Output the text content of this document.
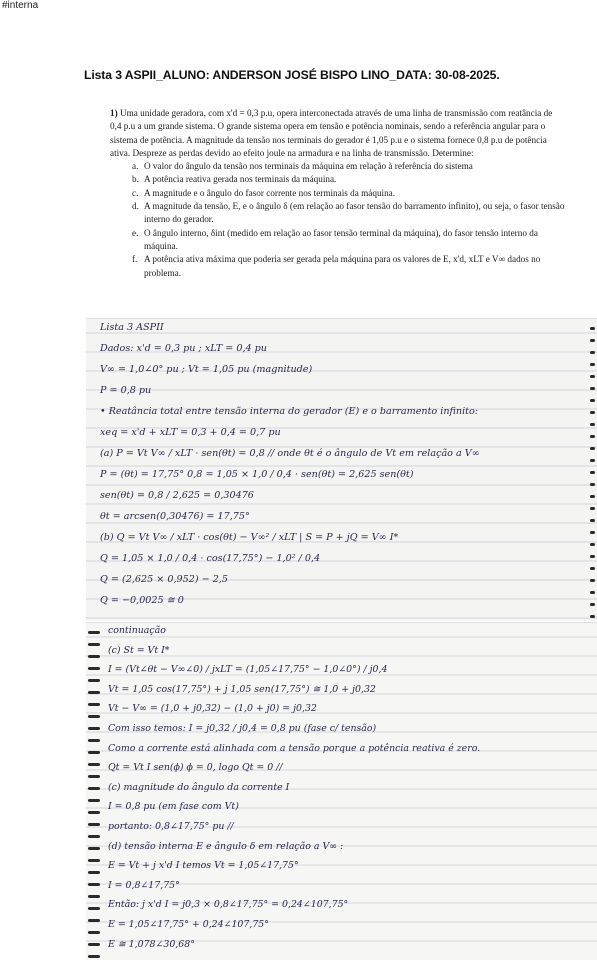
#interna
Lista 3 ASPII_ALUNO: ANDERSON JOSÉ BISPO LINO_DATA: 30-08-2025.
1) Uma unidade geradora, com x'd = 0,3 p.u, opera interconectada através de uma linha de transmissão com reatância de 0,4 p.u a um grande sistema. O grande sistema opera em tensão e potência nominais, sendo a referência angular para o sistema de potência. A magnitude da tensão nos terminais do gerador é 1,05 p.u e o sistema fornece 0,8 p.u de potência ativa. Despreze as perdas devido ao efeito joule na armadura e na linha de transmissão. Determine:
a. O valor do ângulo da tensão nos terminais da máquina em relação à referência do sistema
b. A potência reativa gerada nos terminais da máquina.
c. A magnitude e o ângulo do fasor corrente nos terminais da máquina.
d. A magnitude da tensão, E, e o ângulo δ (em relação ao fasor tensão do barramento infinito), ou seja, o fasor tensão interno do gerador.
e. O ângulo interno, δint (medido em relação ao fasor tensão terminal da máquina), do fasor tensão interno da máquina.
f. A potência ativa máxima que poderia ser gerada pela máquina para os valores de E, x'd, xLT e V∞ dados no problema.
Lista 3 ASPII
Dados: x'd = 0,3 pu ; xLT = 0,4 pu
V∞ = 1,0∠0° pu ; Vt = 1,05 pu (magnitude)
P = 0,8 pu
• Reatância total entre tensão interna do gerador (E) e o barramento infinito:
xeq = x'd + xLT = 0,3 + 0,4 = 0,7 pu
(a) P = Vt V∞ / xLT · sen(θt) = 0,8 // onde θt é o ângulo de Vt em relação a V∞
P = (θt) = 17,75° 0,8 = 1,05 × 1,0 / 0,4 · sen(θt) = 2,625 sen(θt)
sen(θt) = 0,8 / 2,625 = 0,30476
θt = arcsen(0,30476) = 17,75°
(b) Q = Vt V∞ / xLT · cos(θt) − V∞² / xLT | S = P + jQ = V∞ I*
Q = 1,05 × 1,0 / 0,4 · cos(17,75°) − 1,0² / 0,4
Q = (2,625 × 0,952) − 2,5
Q = −0,0025 ≅ 0
continuação
(c) St = Vt I*
I = (Vt∠θt − V∞∠0) / jxLT = (1,05∠17,75° − 1,0∠0°) / j0,4
Vt = 1,05 cos(17,75°) + j 1,05 sen(17,75°) ≅ 1,0 + j0,32
Vt − V∞ = (1,0 + j0,32) − (1,0 + j0) = j0,32
Com isso temos: I = j0,32 / j0,4 = 0,8 pu (fase c/ tensão)
Como a corrente está alinhada com a tensão porque a potência reativa é zero.
Qt = Vt I sen(ϕ) ϕ = 0, logo Qt = 0 //
(c) magnitude do ângulo da corrente I
I = 0,8 pu (em fase com Vt)
portanto: 0,8∠17,75° pu //
(d) tensão interna E e ângulo δ em relação a V∞ :
E = Vt + j x'd I temos Vt = 1,05∠17,75°
I = 0,8∠17,75°
Então: j x'd I = j0,3 × 0,8∠17,75° = 0,24∠107,75°
E = 1,05∠17,75° + 0,24∠107,75°
E ≅ 1,078∠30,68°
